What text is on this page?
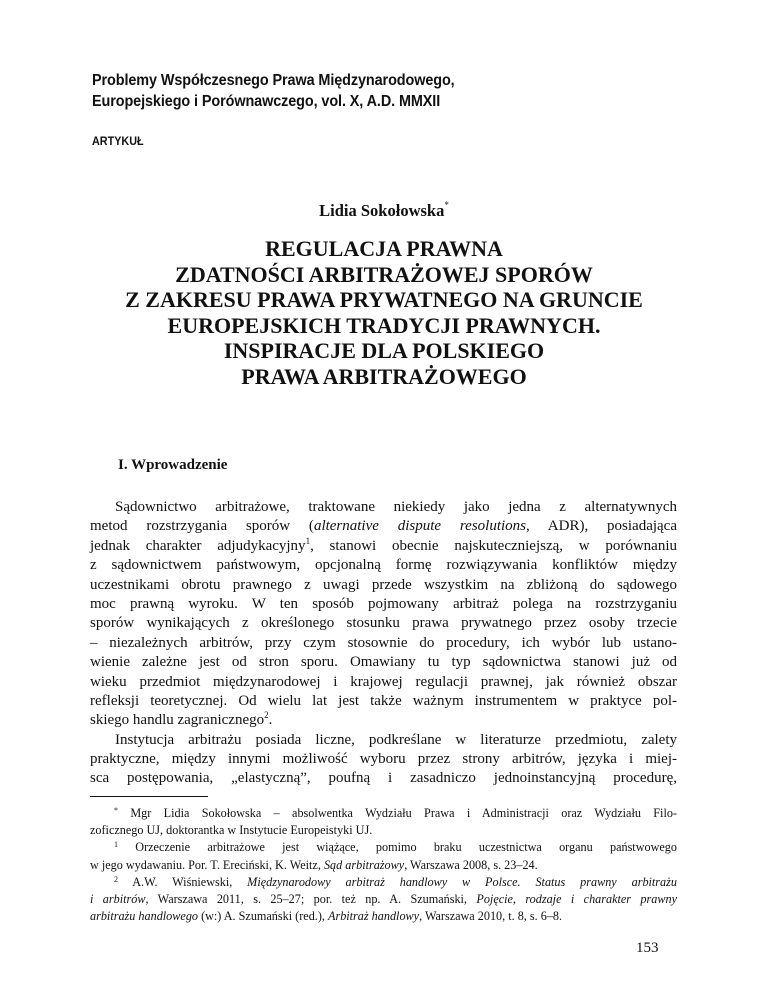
Problemy Współczesnego Prawa Międzynarodowego,
Europejskiego i Porównawczego, vol. X, A.D. MMXII
ARTYKUŁ
Lidia Sokołowska*
REGULACJA PRAWNA
ZDATNOŚCI ARBITRAŻOWEJ SPORÓW
Z ZAKRESU PRAWA PRYWATNEGO NA GRUNCIE
EUROPEJSKICH TRADYCJI PRAWNYCH.
INSPIRACJE DLA POLSKIEGO
PRAWA ARBITRAŻOWEGO
I. Wprowadzenie
Sądownictwo arbitrażowe, traktowane niekiedy jako jedna z alternatywnych
metod rozstrzygania sporów (alternative dispute resolutions, ADR), posiadająca
jednak charakter adjudykacyjny$^1$, stanowi obecnie najskuteczniejszą, w porównaniu
z sądownictwem państwowym, opcjonalną formę rozwiązywania konfliktów między
uczestnikami obrotu prawnego z uwagi przede wszystkim na zbliżoną do sądowego
moc prawną wyroku. W ten sposób pojmowany arbitraż polega na rozstrzyganiu
sporów wynikających z określonego stosunku prawa prywatnego przez osoby trzecie
– niezależnych arbitrów, przy czym stosownie do procedury, ich wybór lub ustano-
wienie zależne jest od stron sporu. Omawiany tu typ sądownictwa stanowi już od
wieku przedmiot międzynarodowej i krajowej regulacji prawnej, jak również obszar
refleksji teoretycznej. Od wielu lat jest także ważnym instrumentem w praktyce pol-
skiego handlu zagranicznego$^2$.
Instytucja arbitrażu posiada liczne, podkreślane w literaturze przedmiotu, zalety
praktyczne, między innymi możliwość wyboru przez strony arbitrów, języka i miej-
sca postępowania, „elastyczną”, poufną i zasadniczo jednoinstancyjną procedurę,
* Mgr Lidia Sokołowska – absolwentka Wydziału Prawa i Administracji oraz Wydziału Filo-
zoficznego UJ, doktorantka w Instytucie Europeistyki UJ.
$^1$ Orzeczenie arbitrażowe jest wiążące, pomimo braku uczestnictwa organu państwowego
w jego wydawaniu. Por. T. Ereciński, K. Weitz, Sąd arbitrażowy, Warszawa 2008, s. 23–24.
$^2$ A.W. Wiśniewski, Międzynarodowy arbitraż handlowy w Polsce. Status prawny arbitrażu
i arbitrów, Warszawa 2011, s. 25–27; por. też np. A. Szumański, Pojęcie, rodzaje i charakter prawny
arbitrażu handlowego (w:) A. Szumański (red.), Arbitraż handlowy, Warszawa 2010, t. 8, s. 6–8.
153
